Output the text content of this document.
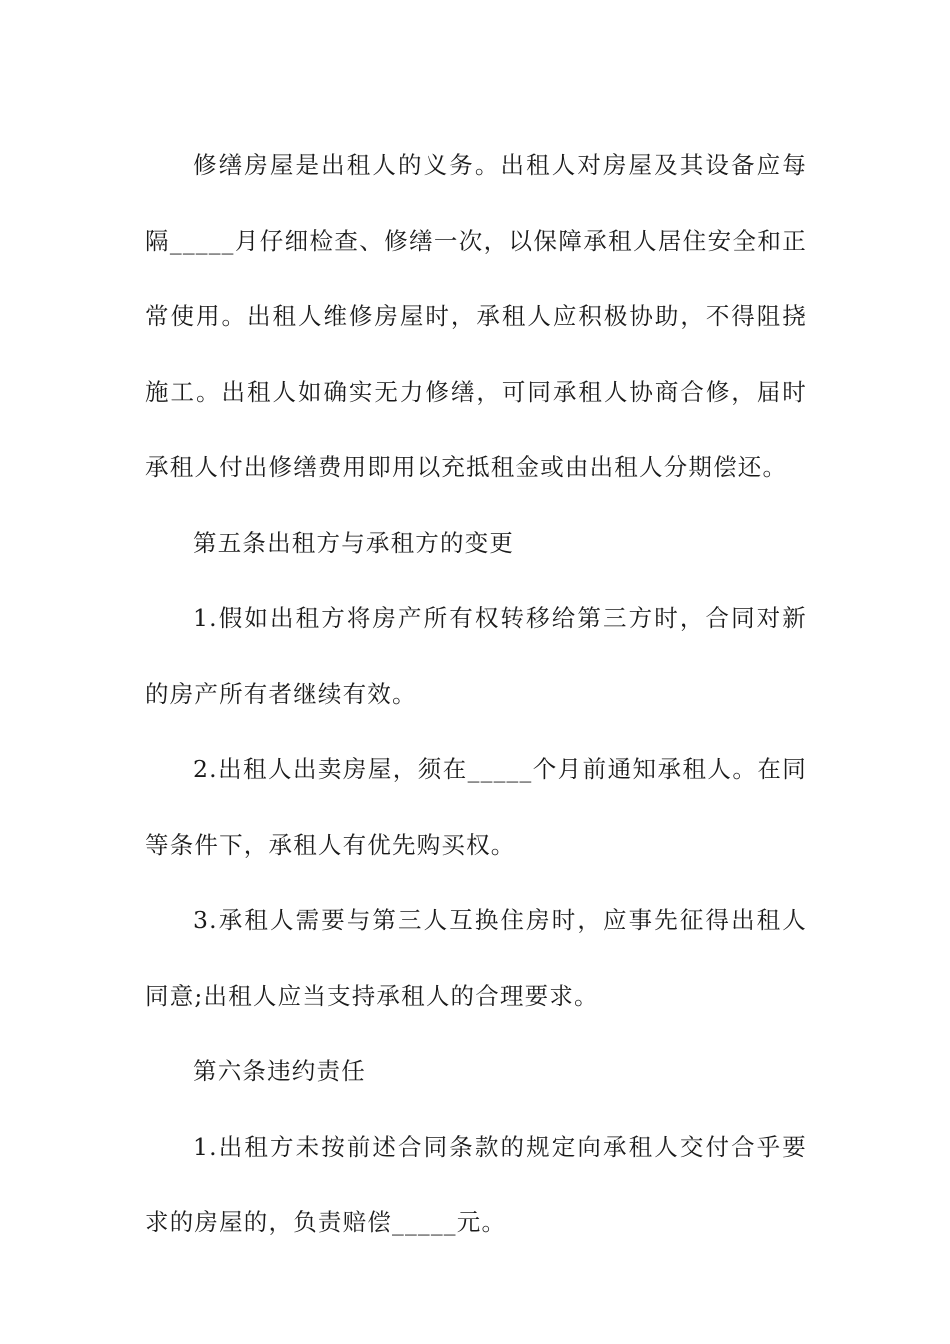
修缮房屋是出租人的义务。出租人对房屋及其设备应每隔_____月仔细检查、修缮一次，以保障承租人居住安全和正常使用。出租人维修房屋时，承租人应积极协助，不得阻挠施工。出租人如确实无力修缮，可同承租人协商合修，届时承租人付出修缮费用即用以充抵租金或由出租人分期偿还。

第五条出租方与承租方的变更

1.假如出租方将房产所有权转移给第三方时，合同对新的房产所有者继续有效。

2.出租人出卖房屋，须在_____个月前通知承租人。在同等条件下，承租人有优先购买权。

3.承租人需要与第三人互换住房时，应事先征得出租人同意;出租人应当支持承租人的合理要求。

第六条违约责任

1.出租方未按前述合同条款的规定向承租人交付合乎要求的房屋的，负责赔偿_____元。
